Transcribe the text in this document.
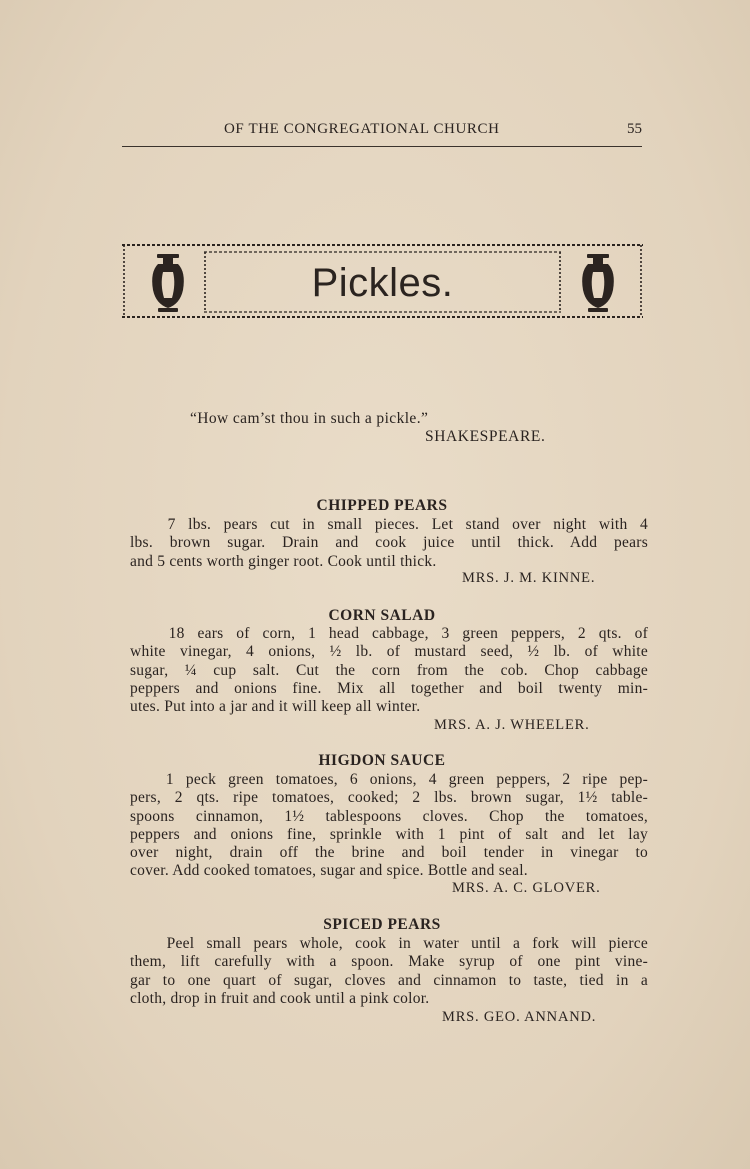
OF THE CONGREGATIONAL CHURCH	55
Pickles.
“How cam’st thou in such a pickle.”
SHAKESPEARE.
CHIPPED PEARS
7 lbs. pears cut in small pieces. Let stand over night with 4
lbs. brown sugar. Drain and cook juice until thick. Add pears
and 5 cents worth ginger root. Cook until thick.
MRS. J. M. KINNE.
CORN SALAD
18 ears of corn, 1 head cabbage, 3 green peppers, 2 qts. of
white vinegar, 4 onions, ½ lb. of mustard seed, ½ lb. of white
sugar, ¼ cup salt. Cut the corn from the cob. Chop cabbage
peppers and onions fine. Mix all together and boil twenty min-
utes. Put into a jar and it will keep all winter.
MRS. A. J. WHEELER.
HIGDON SAUCE
1 peck green tomatoes, 6 onions, 4 green peppers, 2 ripe pep-
pers, 2 qts. ripe tomatoes, cooked; 2 lbs. brown sugar, 1½ table-
spoons cinnamon, 1½ tablespoons cloves. Chop the tomatoes,
peppers and onions fine, sprinkle with 1 pint of salt and let lay
over night, drain off the brine and boil tender in vinegar to
cover. Add cooked tomatoes, sugar and spice. Bottle and seal.
MRS. A. C. GLOVER.
SPICED PEARS
Peel small pears whole, cook in water until a fork will pierce
them, lift carefully with a spoon. Make syrup of one pint vine-
gar to one quart of sugar, cloves and cinnamon to taste, tied in a
cloth, drop in fruit and cook until a pink color.
MRS. GEO. ANNAND.
